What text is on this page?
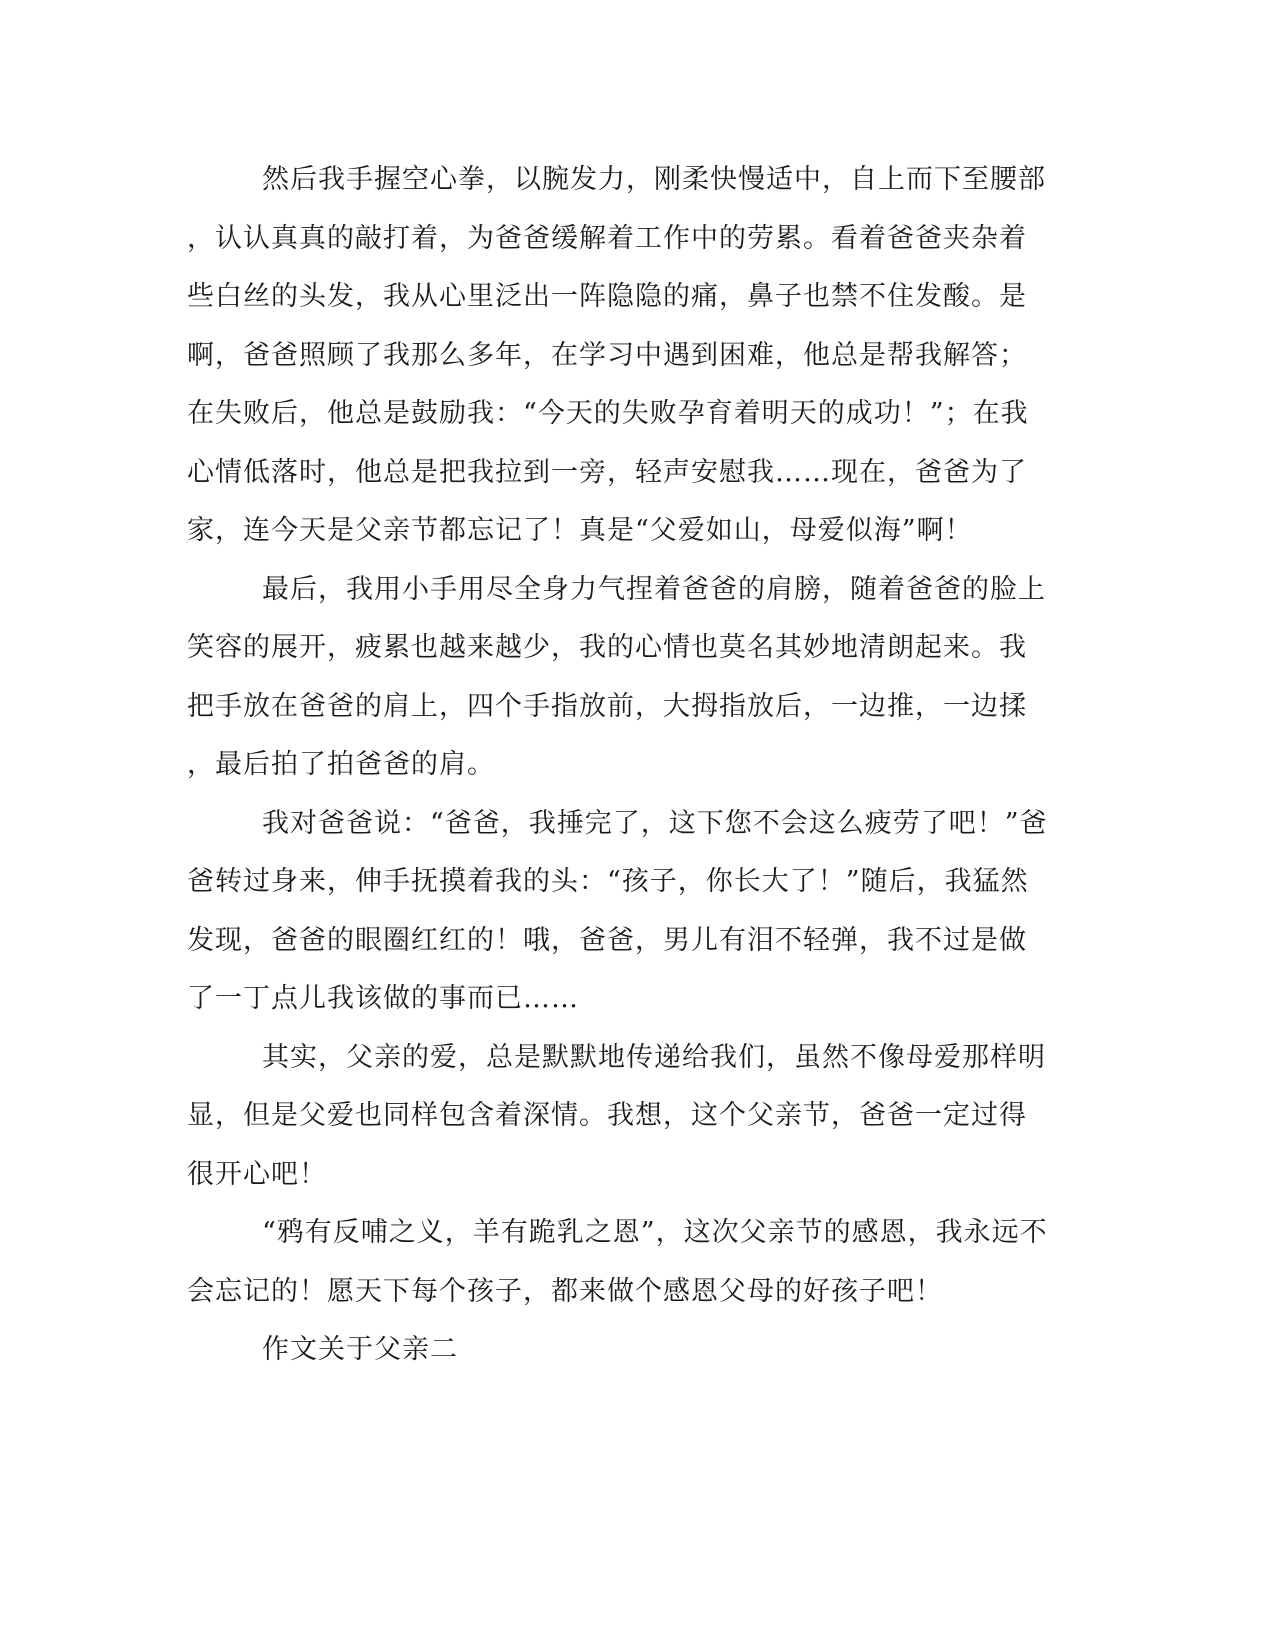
然后我手握空心拳，以腕发力，刚柔快慢适中，自上而下至腰部

，认认真真的敲打着，为爸爸缓解着工作中的劳累。看着爸爸夹杂着

些白丝的头发，我从心里泛出一阵隐隐的痛，鼻子也禁不住发酸。是

啊，爸爸照顾了我那么多年，在学习中遇到困难，他总是帮我解答；

在失败后，他总是鼓励我：“今天的失败孕育着明天的成功！”；在我

心情低落时，他总是把我拉到一旁，轻声安慰我……现在，爸爸为了

家，连今天是父亲节都忘记了！真是“父爱如山，母爱似海”啊！

最后，我用小手用尽全身力气捏着爸爸的肩膀，随着爸爸的脸上

笑容的展开，疲累也越来越少，我的心情也莫名其妙地清朗起来。我

把手放在爸爸的肩上，四个手指放前，大拇指放后，一边推，一边揉

，最后拍了拍爸爸的肩。

我对爸爸说：“爸爸，我捶完了，这下您不会这么疲劳了吧！”爸

爸转过身来，伸手抚摸着我的头：“孩子，你长大了！”随后，我猛然

发现，爸爸的眼圈红红的！哦，爸爸，男儿有泪不轻弹，我不过是做

了一丁点儿我该做的事而已……

其实，父亲的爱，总是默默地传递给我们，虽然不像母爱那样明

显，但是父爱也同样包含着深情。我想，这个父亲节，爸爸一定过得

很开心吧！

“鸦有反哺之义，羊有跪乳之恩”，这次父亲节的感恩，我永远不

会忘记的！愿天下每个孩子，都来做个感恩父母的好孩子吧！

作文关于父亲二
